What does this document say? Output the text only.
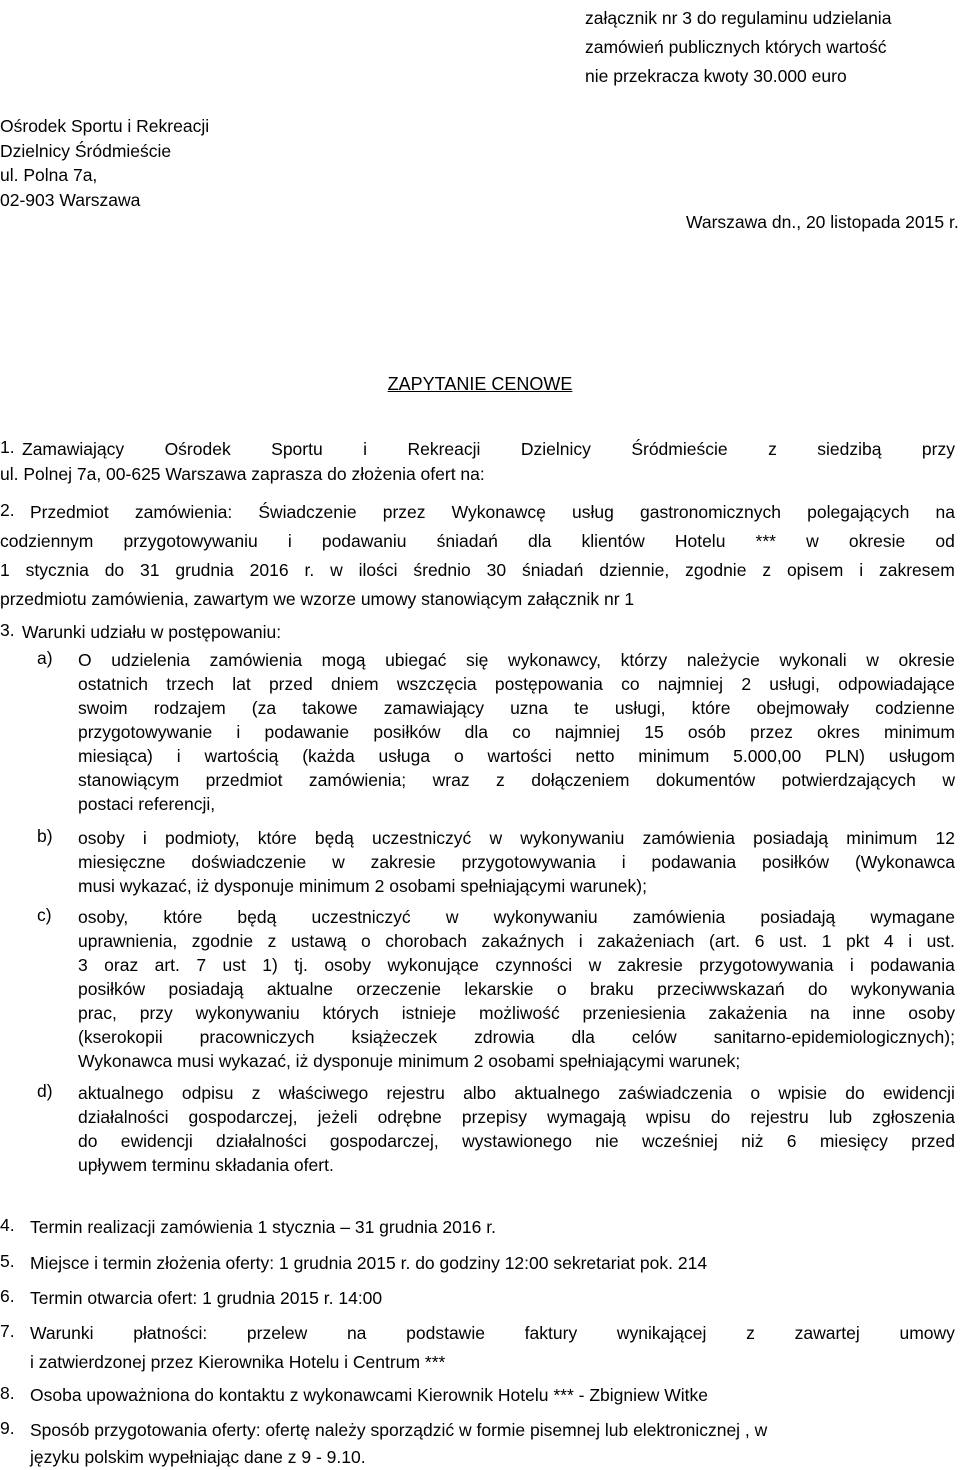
załącznik nr 3 do regulaminu udzielania
zamówień publicznych których wartość
nie przekracza kwoty 30.000 euro
Ośrodek Sportu i Rekreacji
Dzielnicy Śródmieście
ul. Polna 7a,
02-903 Warszawa
Warszawa dn., 20 listopada 2015 r.
ZAPYTANIE CENOWE
1. Zamawiający Ośrodek Sportu i Rekreacji Dzielnicy Śródmieście z siedzibą przy
ul. Polnej 7a, 00-625 Warszawa zaprasza do złożenia ofert na:
2. Przedmiot zamówienia: Świadczenie przez Wykonawcę usług gastronomicznych polegających na
codziennym przygotowywaniu i podawaniu śniadań dla klientów Hotelu *** w okresie od
1 stycznia do 31 grudnia 2016 r. w ilości średnio 30 śniadań dziennie, zgodnie z opisem i zakresem
przedmiotu zamówienia, zawartym we wzorze umowy stanowiącym załącznik nr 1
3. Warunki udziału w postępowaniu:
a) O udzielenia zamówienia mogą ubiegać się wykonawcy, którzy należycie wykonali w okresie
ostatnich trzech lat przed dniem wszczęcia postępowania co najmniej 2 usługi, odpowiadające
swoim rodzajem (za takowe zamawiający uzna te usługi, które obejmowały codzienne
przygotowywanie i podawanie posiłków dla co najmniej 15 osób przez okres minimum
miesiąca) i wartością (każda usługa o wartości netto minimum 5.000,00 PLN) usługom
stanowiącym przedmiot zamówienia; wraz z dołączeniem dokumentów potwierdzających w
postaci referencji,
b) osoby i podmioty, które będą uczestniczyć w wykonywaniu zamówienia posiadają minimum 12
miesięczne doświadczenie w zakresie przygotowywania i podawania posiłków (Wykonawca
musi wykazać, iż dysponuje minimum 2 osobami spełniającymi warunek);
c) osoby, które będą uczestniczyć w wykonywaniu zamówienia posiadają wymagane
uprawnienia, zgodnie z ustawą o chorobach zakaźnych i zakażeniach (art. 6 ust. 1 pkt 4 i ust.
3 oraz art. 7 ust 1) tj. osoby wykonujące czynności w zakresie przygotowywania i podawania
posiłków posiadają aktualne orzeczenie lekarskie o braku przeciwwskazań do wykonywania
prac, przy wykonywaniu których istnieje możliwość przeniesienia zakażenia na inne osoby
(kserokopii pracowniczych książeczek zdrowia dla celów sanitarno-epidemiologicznych);
Wykonawca musi wykazać, iż dysponuje minimum 2 osobami spełniającymi warunek;
d) aktualnego odpisu z właściwego rejestru albo aktualnego zaświadczenia o wpisie do ewidencji
działalności gospodarczej, jeżeli odrębne przepisy wymagają wpisu do rejestru lub zgłoszenia
do ewidencji działalności gospodarczej, wystawionego nie wcześniej niż 6 miesięcy przed
upływem terminu składania ofert.
4. Termin realizacji zamówienia 1 stycznia – 31 grudnia 2016 r.
5. Miejsce i termin złożenia oferty: 1 grudnia 2015 r. do godziny 12:00 sekretariat pok. 214
6. Termin otwarcia ofert: 1 grudnia 2015 r. 14:00
7. Warunki płatności: przelew na podstawie faktury wynikającej z zawartej umowy
i zatwierdzonej przez Kierownika Hotelu i Centrum ***
8. Osoba upoważniona do kontaktu z wykonawcami Kierownik Hotelu *** - Zbigniew Witke
9. Sposób przygotowania oferty: ofertę należy sporządzić w formie pisemnej lub elektronicznej , w
języku polskim wypełniając dane z 9 - 9.10.
